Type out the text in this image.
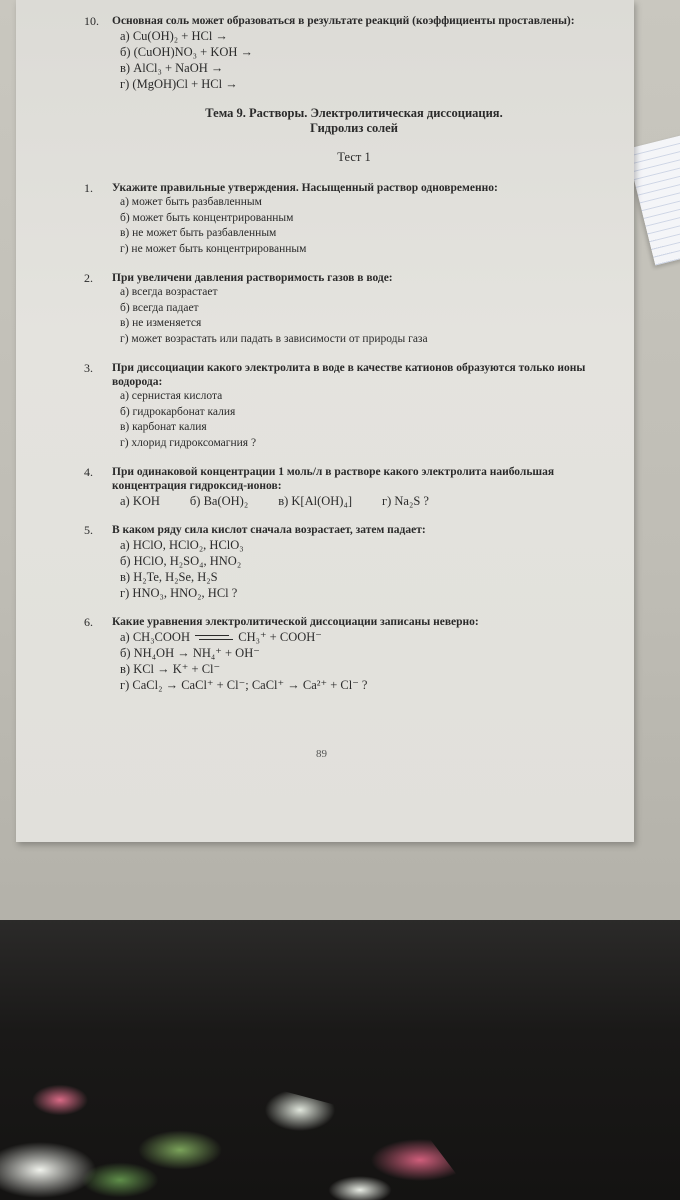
10. Основная соль может образоваться в результате реакций (коэффициенты проставлены):
а) Cu(OH)₂ + HCl →
б) (CuOH)NO₃ + KOH →
в) AlCl₃ + NaOH →
г) (MgOH)Cl + HCl →
Тема 9. Растворы. Электролитическая диссоциация.
Гидролиз солей
Тест 1
1. Укажите правильные утверждения. Насыщенный раствор одновременно:
а) может быть разбавленным
б) может быть концентрированным
в) не может быть разбавленным
г) не может быть концентрированным
2. При увеличени давления растворимость газов в воде:
а) всегда возрастает
б) всегда падает
в) не изменяется
г) может возрастать или падать в зависимости от природы газа
3. При диссоциации какого электролита в воде в качестве катионов образуются только ионы водорода:
а) сернистая кислота
б) гидрокарбонат калия
в) карбонат калия
г) хлорид гидроксомагния ?
4. При одинаковой концентрации 1 моль/л в растворе какого электролита наибольшая концентрация гидроксид-ионов:
а) KOH б) Ba(OH)₂ в) K[Al(OH)₄] г) Na₂S ?
5. В каком ряду сила кислот сначала возрастает, затем падает:
а) HClO, HClO₂, HClO₃
б) HClO, H₂SO₄, HNO₂
в) H₂Te, H₂Se, H₂S
г) HNO₃, HNO₂, HCl ?
6. Какие уравнения электролитической диссоциации записаны неверно:
а) CH₃COOH	CH₃⁺ + COOH⁻
б) NH₄OH → NH₄⁺ + OH⁻
в) KCl → K⁺ + Cl⁻
г) CaCl₂ → CaCl⁺ + Cl⁻; CaCl⁺ → Ca²⁺ + Cl⁻ ?
89
